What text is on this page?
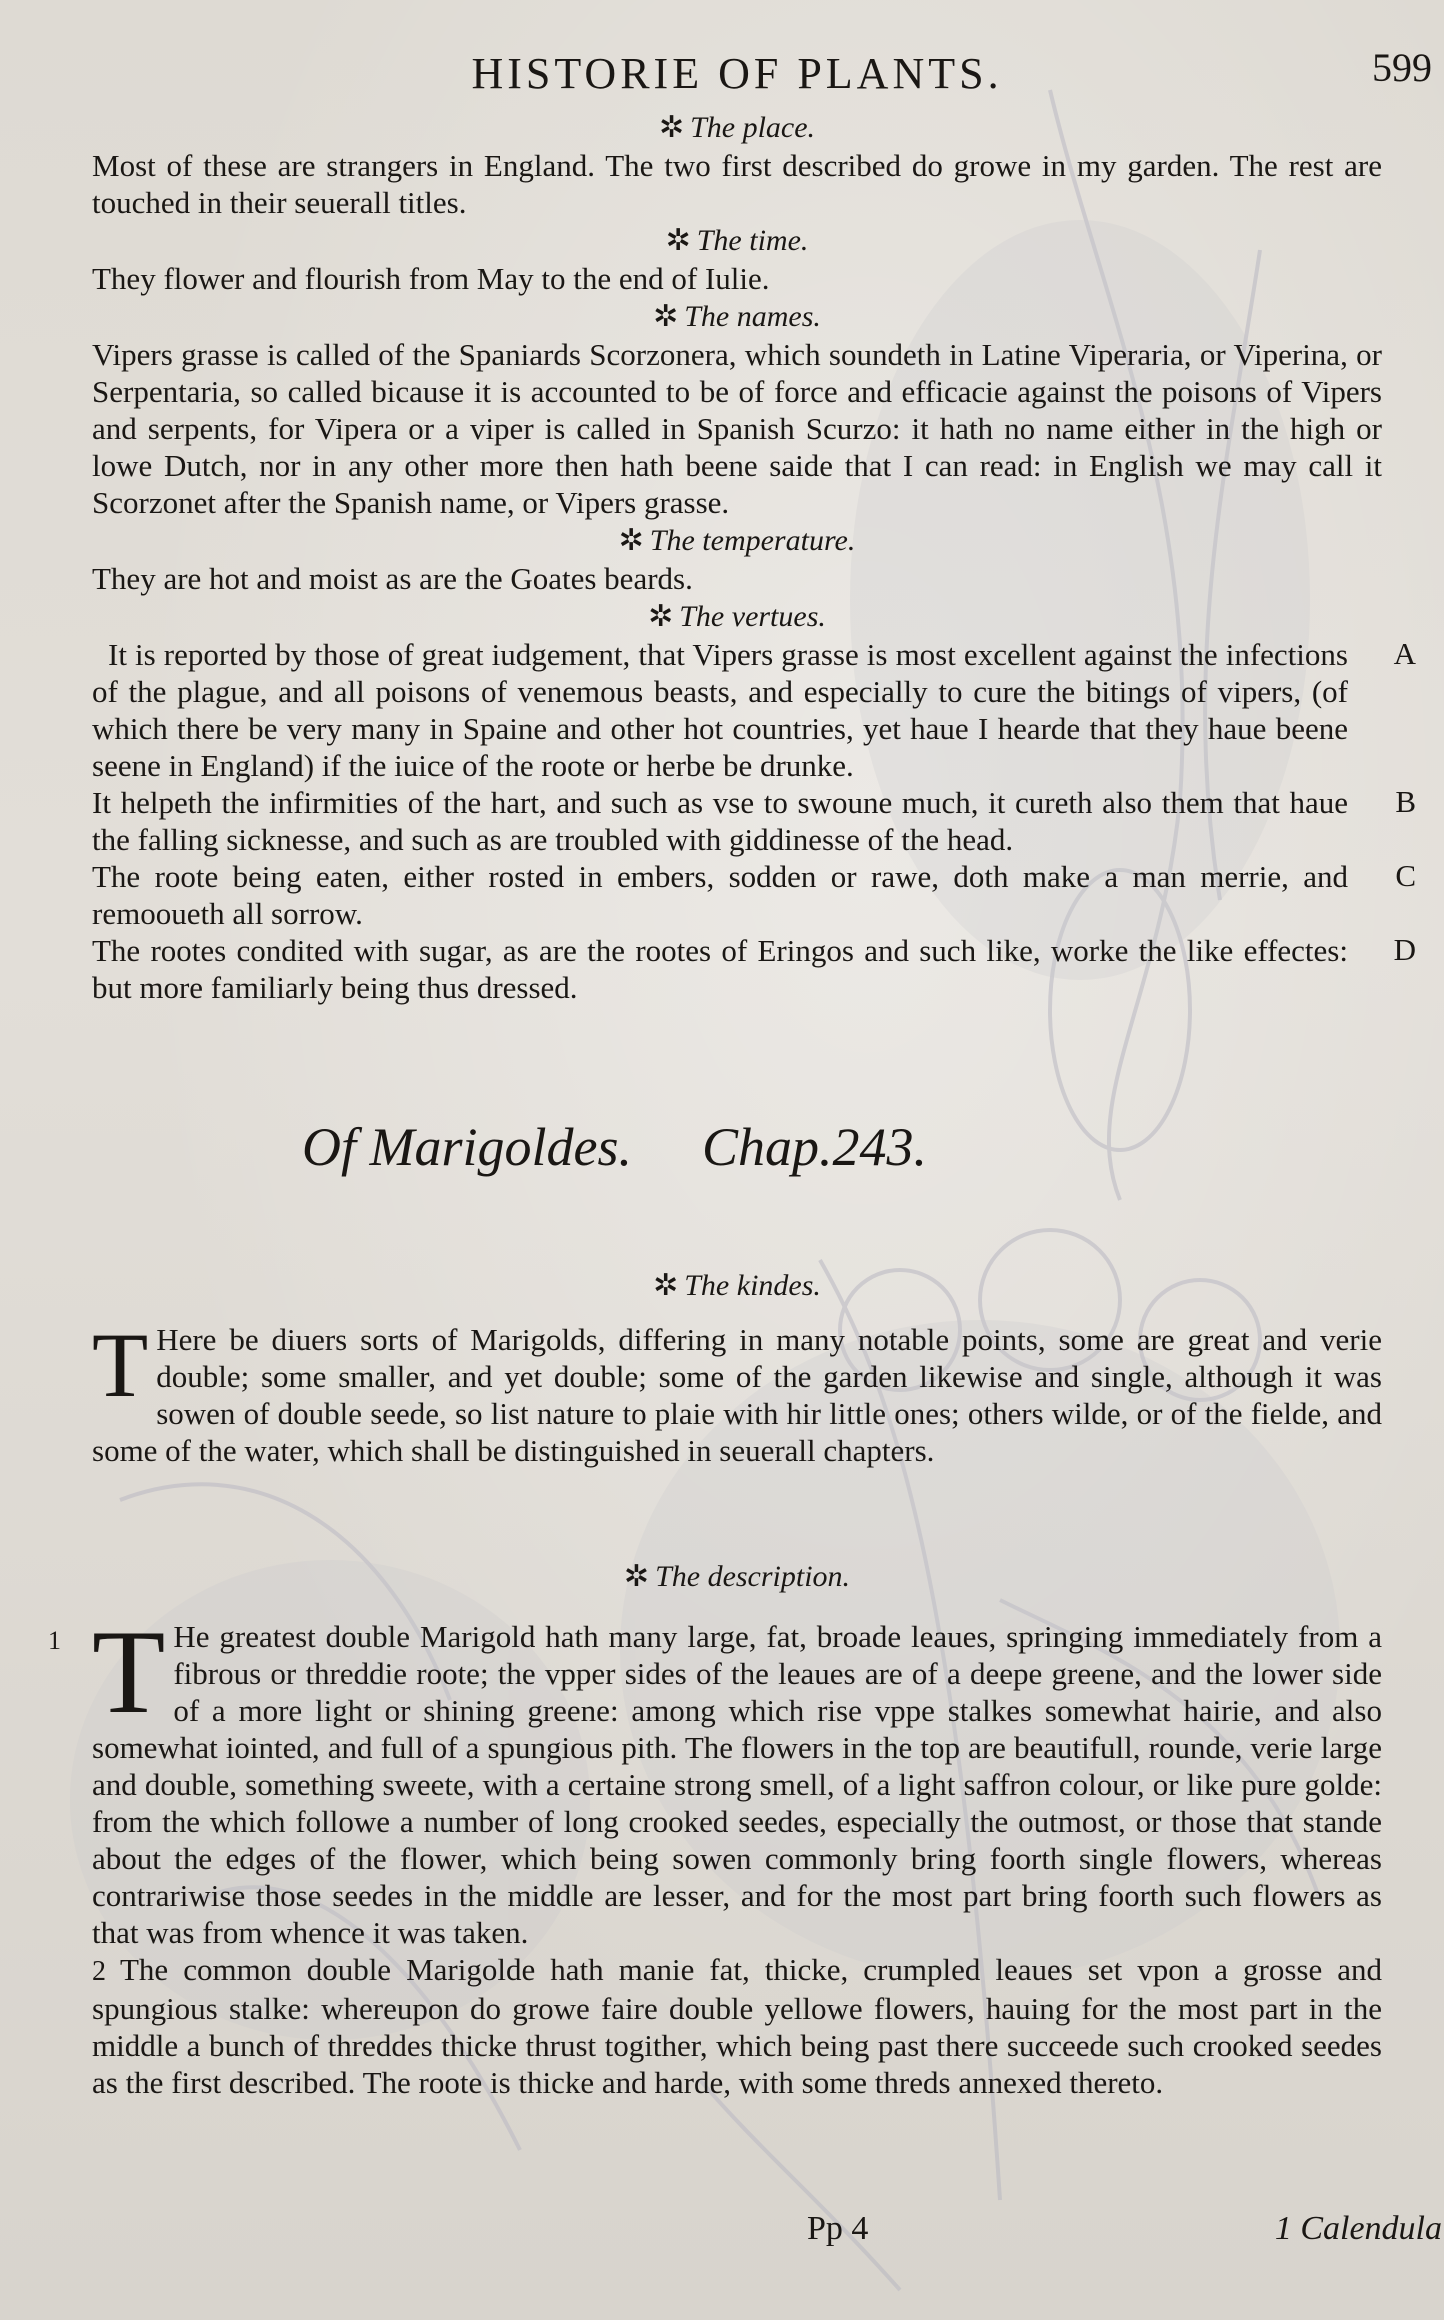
HISTORIE OF PLANTS.	599
✲ The place.

Most of these are strangers in England. The two first described do growe in my garden. The rest are touched in their seuerall titles.

✲ The time.

They flower and flourish from May to the end of Iulie.

✲ The names.

Vipers grasse is called of the Spaniards Scorzonera, which soundeth in Latine Viperaria, or Viperina, or Serpentaria, so called bicause it is accounted to be of force and efficacie against the poisons of Vipers and serpents, for Vipera or a viper is called in Spanish Scurzo: it hath no name either in the high or lowe Dutch, nor in any other more then hath beene saide that I can read: in English we may call it Scorzonet after the Spanish name, or Vipers grasse.

✲ The temperature.

They are hot and moist as are the Goates beards.

✲ The vertues.

It is reported by those of great iudgement, that Vipers grasse is most excellent against the infections of the plague, and all poisons of venemous beasts, and especially to cure the bitings of vipers, (of which there be very many in Spaine and other hot countries, yet haue I hearde that they haue beene seene in England) if the iuice of the roote or herbe be drunke.

A

It helpeth the infirmities of the hart, and such as vse to swoune much, it cureth also them that haue the falling sicknesse, and such as are troubled with giddinesse of the head.

B

The roote being eaten, either rosted in embers, sodden or rawe, doth make a man merrie, and remooueth all sorrow.

C

The rootes condited with sugar, as are the rootes of Eringos and such like, worke the like effectes: but more familiarly being thus dressed.

D
Of Marigoldes. Chap.243.
✲ The kindes.

T Here be diuers sorts of Marigolds, differing in many notable points, some are great and verie double; some smaller, and yet double; some of the garden likewise and single, although it was sowen of double seede, so list nature to plaie with hir little ones; others wilde, or of the fielde, and some of the water, which shall be distinguished in seuerall chapters.

✲ The description.

1 T He greatest double Marigold hath many large, fat, broade leaues, springing immediately from a fibrous or threddie roote; the vpper sides of the leaues are of a deepe greene, and the lower side of a more light or shining greene: among which rise vppe stalkes somewhat hairie, and also somewhat iointed, and full of a spungious pith. The flowers in the top are beautifull, rounde, verie large and double, something sweete, with a certaine strong smell, of a light saffron colour, or like pure golde: from the which followe a number of long crooked seedes, especially the outmost, or those that stande about the edges of the flower, which being sowen commonly bring foorth single flowers, whereas contrariwise those seedes in the middle are lesser, and for the most part bring foorth such flowers as that was from whence it was taken.

2 The common double Marigolde hath manie fat, thicke, crumpled leaues set vpon a grosse and spungious stalke: whereupon do growe faire double yellowe flowers, hauing for the most part in the middle a bunch of threddes thicke thrust togither, which being past there succeede such crooked seedes as the first described. The roote is thicke and harde, with some threds annexed thereto.

Pp 4	1 Calendula
